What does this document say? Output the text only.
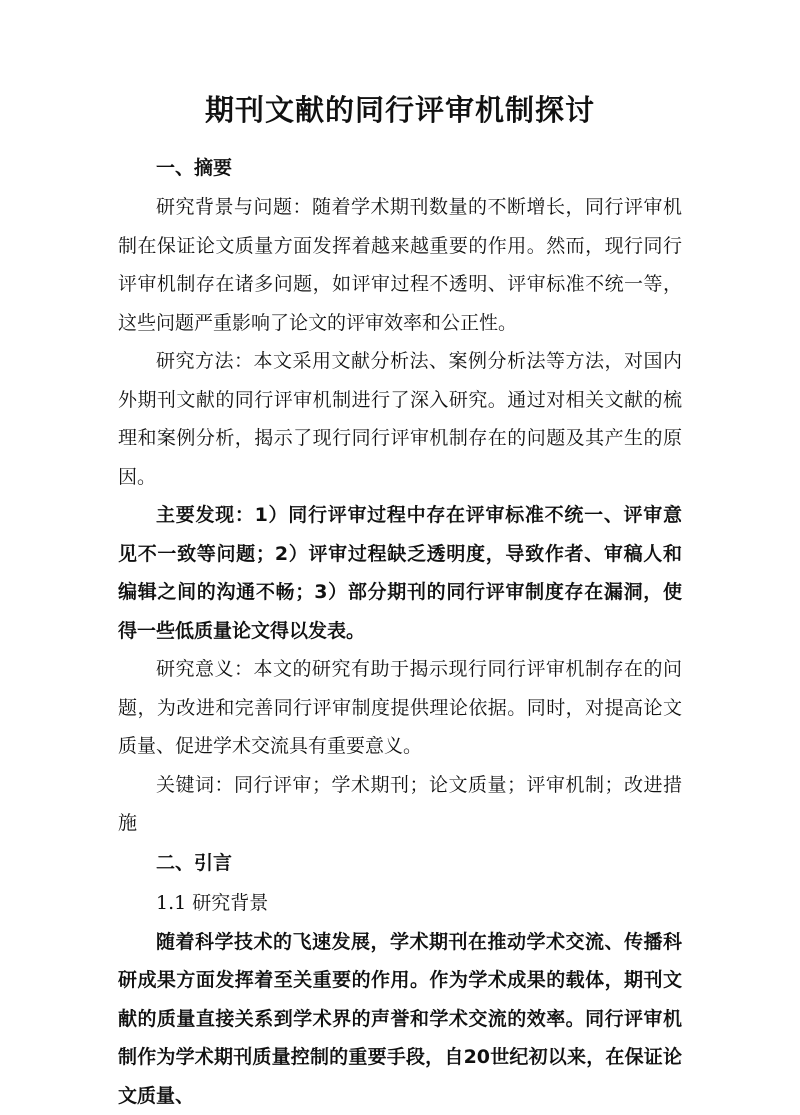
期刊文献的同行评审机制探讨

一、摘要

研究背景与问题：随着学术期刊数量的不断增长，同行评审机制在保证论文质量方面发挥着越来越重要的作用。然而，现行同行评审机制存在诸多问题，如评审过程不透明、评审标准不统一等，这些问题严重影响了论文的评审效率和公正性。

研究方法：本文采用文献分析法、案例分析法等方法，对国内外期刊文献的同行评审机制进行了深入研究。通过对相关文献的梳理和案例分析，揭示了现行同行评审机制存在的问题及其产生的原因。

主要发现：1）同行评审过程中存在评审标准不统一、评审意见不一致等问题；2）评审过程缺乏透明度，导致作者、审稿人和编辑之间的沟通不畅；3）部分期刊的同行评审制度存在漏洞，使得一些低质量论文得以发表。

研究意义：本文的研究有助于揭示现行同行评审机制存在的问题，为改进和完善同行评审制度提供理论依据。同时，对提高论文质量、促进学术交流具有重要意义。

关键词：同行评审；学术期刊；论文质量；评审机制；改进措施

二、引言

1.1 研究背景

随着科学技术的飞速发展，学术期刊在推动学术交流、传播科研成果方面发挥着至关重要的作用。作为学术成果的载体，期刊文献的质量直接关系到学术界的声誉和学术交流的效率。同行评审机制作为学术期刊质量控制的重要手段，自20世纪初以来，在保证论文质量、
